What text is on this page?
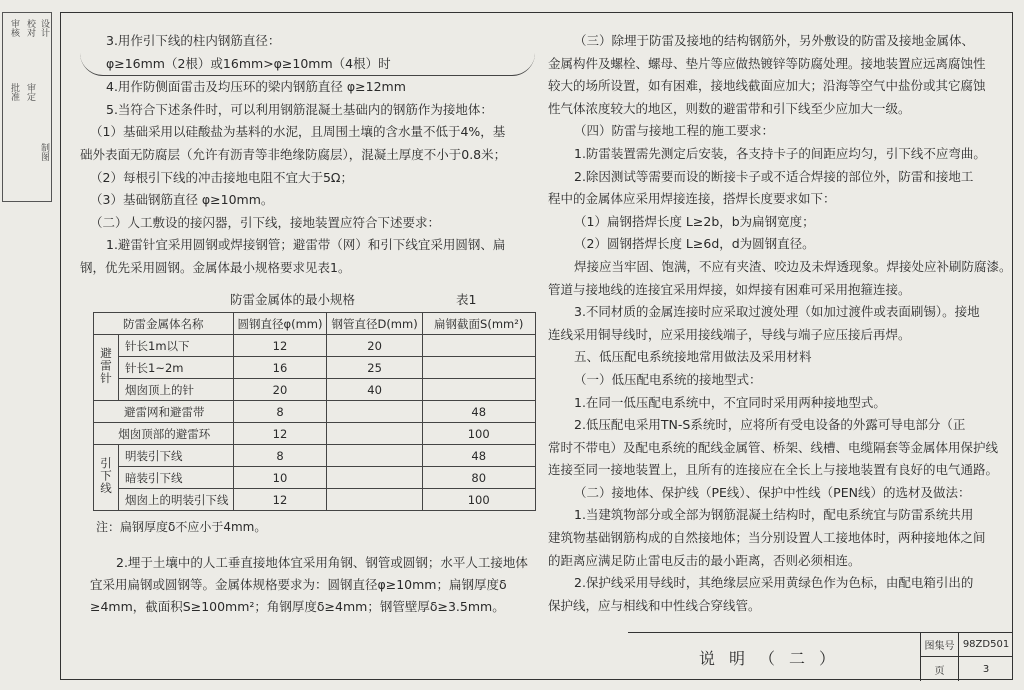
审核 校对 设计
批准 审定
制图

3.用作引下线的柱内钢筋直径：

φ≥16mm（2根）或16mm>φ≥10mm（4根）时

4.用作防侧面雷击及均压环的梁内钢筋直径 φ≥12mm

5.当符合下述条件时，可以利用钢筋混凝土基础内的钢筋作为接地体：

（1）基础采用以硅酸盐为基料的水泥，且周围土壤的含水量不低于4%，基

础外表面无防腐层（允许有沥青等非绝缘防腐层），混凝土厚度不小于0.8米；

（2）每根引下线的冲击接地电阻不宜大于5Ω；

（3）基础钢筋直径 φ≥10mm。

（二）人工敷设的接闪器，引下线，接地装置应符合下述要求：

1.避雷针宜采用圆钢或焊接钢管；避雷带（网）和引下线宜采用圆钢、扁

钢，优先采用圆钢。金属体最小规格要求见表1。

防雷金属体的最小规格	表1
防雷金属体名称		圆钢直径φ(mm)	钢管直径D(mm)	扁钢截面S(mm²)
避雷针	针长1m以下	12	20	
	针长1~2m	16	25	
	烟囱顶上的针	20	40	
避雷网和避雷带		8		48
烟囱顶部的避雷环		12		100
引下线	明装引下线	8		48
	暗装引下线	10		80
	烟囱上的明装引下线	12		100
注：扁钢厚度δ不应小于4mm。

2.埋于土壤中的人工垂直接地体宜采用角钢、钢管或圆钢；水平人工接地体

宜采用扁钢或圆钢等。金属体规格要求为：圆钢直径φ≥10mm；扁钢厚度δ

≥4mm，截面积S≥100mm²；角钢厚度δ≥4mm；钢管壁厚δ≥3.5mm。

（三）除埋于防雷及接地的结构钢筋外，另外敷设的防雷及接地金属体、

金属构件及螺栓、螺母、垫片等应做热镀锌等防腐处理。接地装置应远离腐蚀性

较大的场所设置，如有困难，接地线截面应加大；沿海等空气中盐份或其它腐蚀

性气体浓度较大的地区，则数的避雷带和引下线至少应加大一级。

（四）防雷与接地工程的施工要求：

1.防雷装置需先测定后安装，各支持卡子的间距应均匀，引下线不应弯曲。

2.除因测试等需要而设的断接卡子或不适合焊接的部位外，防雷和接地工

程中的金属体应采用焊接连接，搭焊长度要求如下：

（1）扁钢搭焊长度 L≥2b，b为扁钢宽度；

（2）圆钢搭焊长度 L≥6d，d为圆钢直径。

焊接应当牢固、饱满，不应有夹渣、咬边及未焊透现象。焊接处应补刷防腐漆。

管道与接地线的连接宜采用焊接，如焊接有困难可采用抱箍连接。

3.不同材质的金属连接时应采取过渡处理（如加过渡件或表面刷锡）。接地

连线采用铜导线时，应采用接线端子，导线与端子应压接后再焊。

五、低压配电系统接地常用做法及采用材料

（一）低压配电系统的接地型式：

1.在同一低压配电系统中，不宜同时采用两种接地型式。

2.低压配电采用TN-S系统时，应将所有受电设备的外露可导电部分（正

常时不带电）及配电系统的配线金属管、桥架、线槽、电缆隔套等金属体用保护线

连接至同一接地装置上，且所有的连接应在全长上与接地装置有良好的电气通路。

（二）接地体、保护线（PE线）、保护中性线（PEN线）的选材及做法：

1.当建筑物部分或全部为钢筋混凝土结构时，配电系统宜与防雷系统共用

建筑物基础钢筋构成的自然接地体；当分别设置人工接地体时，两种接地体之间

的距离应满足防止雷电反击的最小距离，否则必须相连。

2.保护线采用导线时，其绝缘层应采用黄绿色作为色标，由配电箱引出的

保护线，应与相线和中性线合穿线管。

说明（二）
图集号 98ZD501
页	3
